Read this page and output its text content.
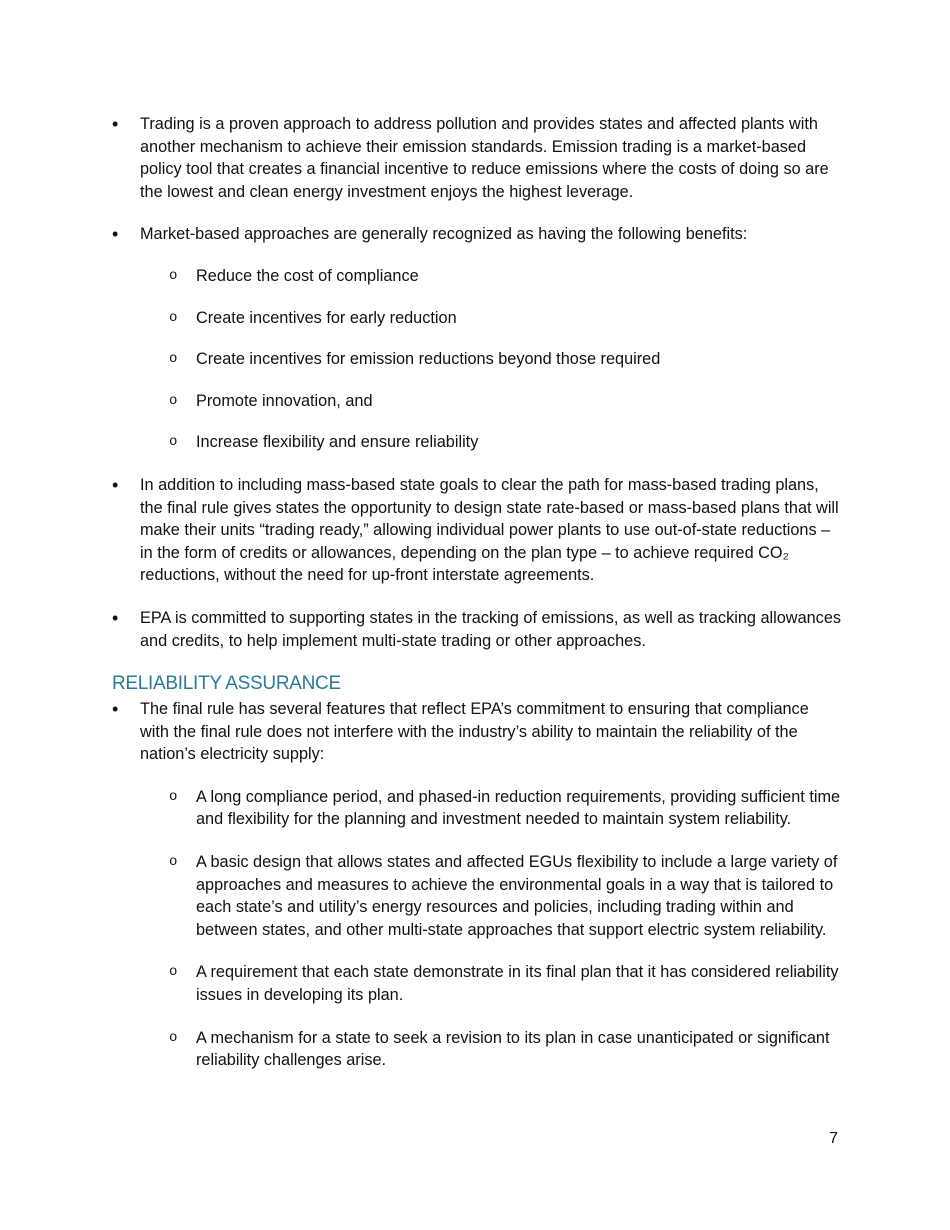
• Trading is a proven approach to address pollution and provides states and affected plants with another mechanism to achieve their emission standards. Emission trading is a market-based policy tool that creates a financial incentive to reduce emissions where the costs of doing so are the lowest and clean energy investment enjoys the highest leverage.
• Market-based approaches are generally recognized as having the following benefits:
o Reduce the cost of compliance
o Create incentives for early reduction
o Create incentives for emission reductions beyond those required
o Promote innovation, and
o Increase flexibility and ensure reliability
• In addition to including mass-based state goals to clear the path for mass-based trading plans, the final rule gives states the opportunity to design state rate-based or mass-based plans that will make their units “trading ready,” allowing individual power plants to use out-of-state reductions – in the form of credits or allowances, depending on the plan type – to achieve required CO₂ reductions, without the need for up-front interstate agreements.
• EPA is committed to supporting states in the tracking of emissions, as well as tracking allowances and credits, to help implement multi-state trading or other approaches.
RELIABILITY ASSURANCE
• The final rule has several features that reflect EPA’s commitment to ensuring that compliance with the final rule does not interfere with the industry’s ability to maintain the reliability of the nation’s electricity supply:
o A long compliance period, and phased-in reduction requirements, providing sufficient time and flexibility for the planning and investment needed to maintain system reliability.
o A basic design that allows states and affected EGUs flexibility to include a large variety of approaches and measures to achieve the environmental goals in a way that is tailored to each state’s and utility’s energy resources and policies, including trading within and between states, and other multi-state approaches that support electric system reliability.
o A requirement that each state demonstrate in its final plan that it has considered reliability issues in developing its plan.
o A mechanism for a state to seek a revision to its plan in case unanticipated or significant reliability challenges arise.
7
